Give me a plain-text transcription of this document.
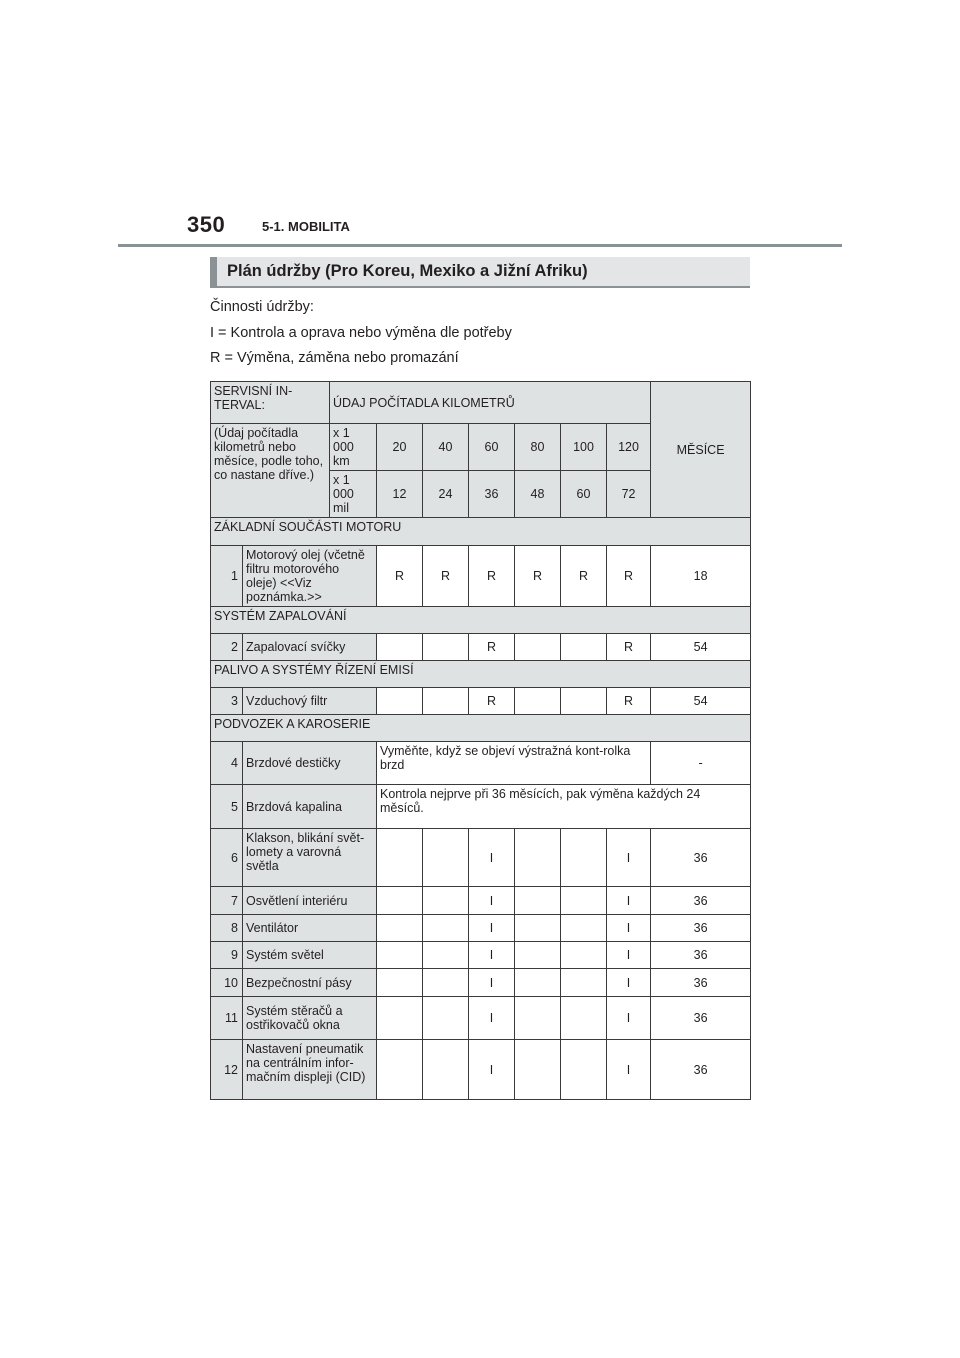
350	5-1. MOBILITA
Plán údržby (Pro Koreu, Mexiko a Jižní Afriku)
Činnosti údržby:
I = Kontrola a oprava nebo výměna dle potřeby
R = Výměna, záměna nebo promazání
SERVISNÍ IN-TERVAL:		ÚDAJ POČÍTADLA KILOMETRŮ							MĚSÍCE
(Údaj počítadla kilometrů nebo měsíce, podle toho, co nastane dříve.)		x 1 000 km	20	40	60	80	100	120	
		x 1 000 mil	12	24	36	48	60	72	
ZÁKLADNÍ SOUČÁSTI MOTORU									
1	Motorový olej (včetně filtru motorového oleje) <<Viz poznámka.>>		R	R	R	R	R	R	18
SYSTÉM ZAPALOVÁNÍ									
2	Zapalovací svíčky				R			R	54
PALIVO A SYSTÉMY ŘÍZENÍ EMISÍ									
3	Vzduchový filtr				R			R	54
PODVOZEK A KAROSERIE									
4	Brzdové destičky		Vyměňte, když se objeví výstražná kont-rolka brzd						-
5	Brzdová kapalina		Kontrola nejprve při 36 měsících, pak výměna každých 24 měsíců.						
6	Klakson, blikání svět-lomety a varovná světla				I			I	36
7	Osvětlení interiéru				I			I	36
8	Ventilátor				I			I	36
9	Systém světel				I			I	36
10	Bezpečnostní pásy				I			I	36
11	Systém stěračů a ostřikovačů okna				I			I	36
12	Nastavení pneumatik na centrálním infor-mačním displeji (CID)				I			I	36
